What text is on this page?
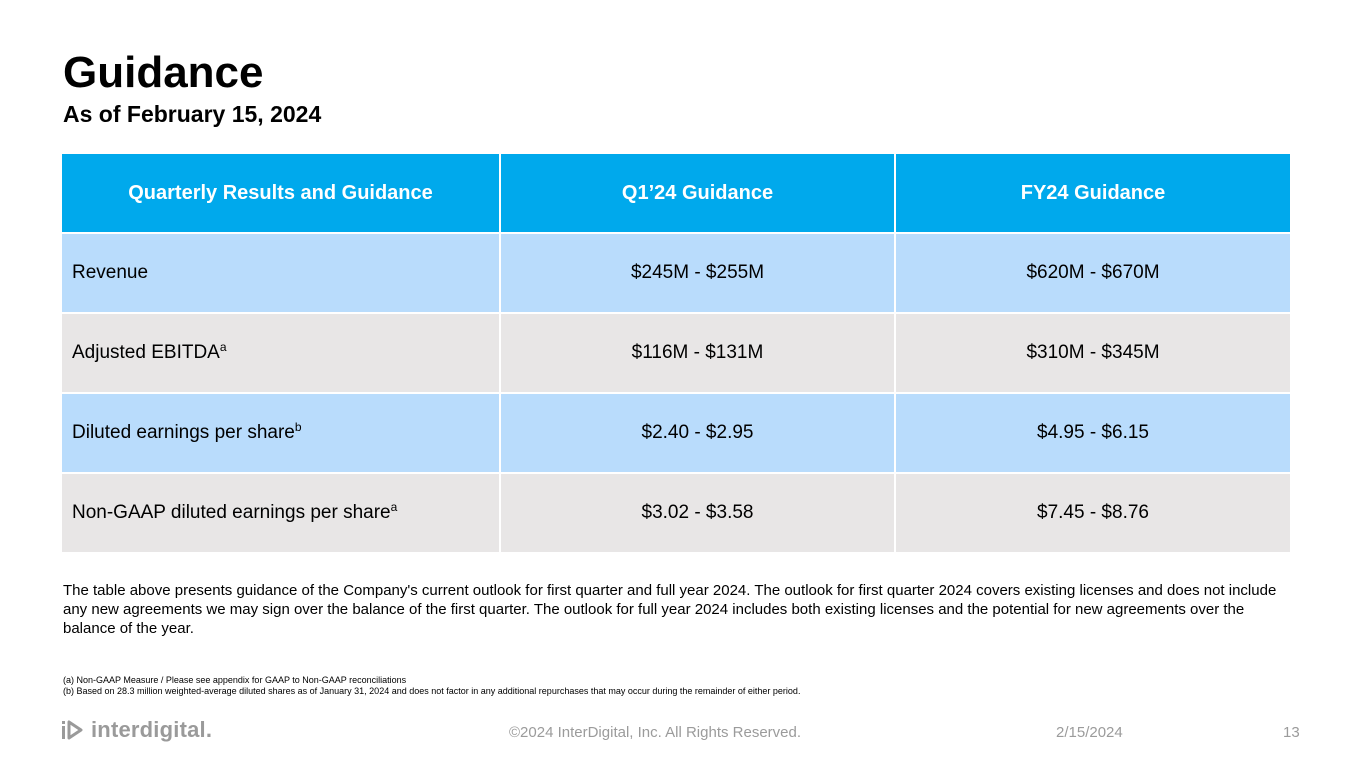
Guidance
As of February 15, 2024
Quarterly Results and Guidance	Q1’24 Guidance	FY24 Guidance
Revenue	$245M - $255M	$620M - $670M
Adjusted EBITDA$^a$	$116M - $131M	$310M - $345M
Diluted earnings per share$^b$	$2.40 - $2.95	$4.95 - $6.15
Non-GAAP diluted earnings per share$^a$	$3.02 - $3.58	$7.45 - $8.76

The table above presents guidance of the Company's current outlook for first quarter and full year 2024. The outlook for first quarter 2024 covers existing licenses and does not include any new agreements we may sign over the balance of the first quarter. The outlook for full year 2024 includes both existing licenses and the potential for new agreements over the balance of the year.

(a) Non-GAAP Measure / Please see appendix for GAAP to Non-GAAP reconciliations
(b) Based on 28.3 million weighted-average diluted shares as of January 31, 2024 and does not factor in any additional repurchases that may occur during the remainder of either period.
interdigital .	©2024 InterDigital, Inc. All Rights Reserved.	2/15/2024	13
